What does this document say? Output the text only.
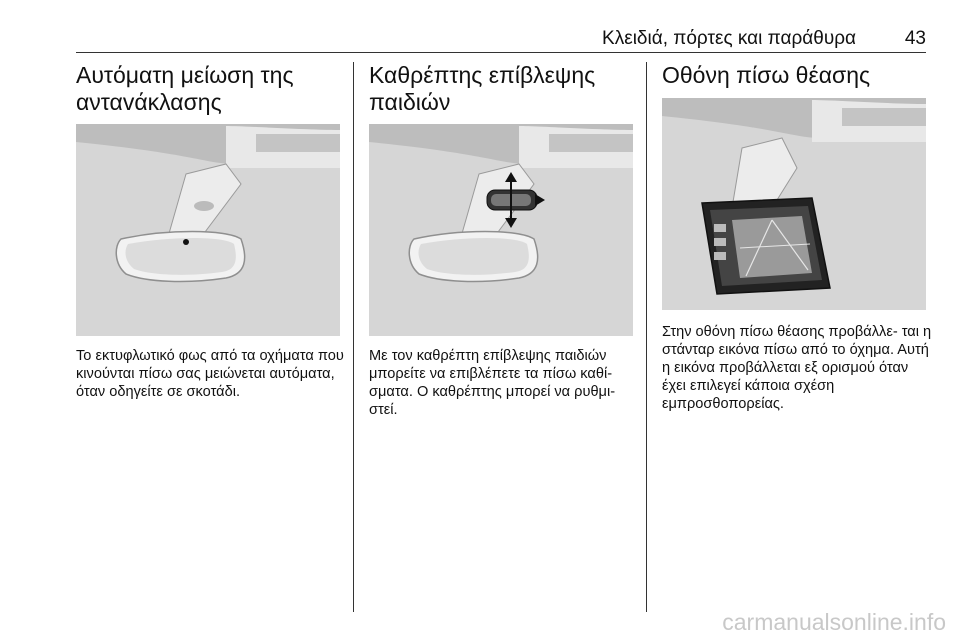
Κλειδιά, πόρτες και παράθυρα	43
Αυτόματη μείωση της ανταvάκλασης
Το εκτυφλωτικό φως από τα οχήματα που κινούνται πίσω σας μειώνεται αυτόματα, όταν οδηγείτε σε σκοτάδι.
Καθρέπτης επίβλεψης παιδιών
Με τον καθρέπτη επίβλεψης παιδιών μπορείτε να επιβλέπετε τα πίσω καθί- σματα. Ο καθρέπτης μπορεί να ρυθμι- στεί.
Οθόνη πίσω θέασης
Στην οθόνη πίσω θέασης προβάλλε- ται η στάνταρ εικόνα πίσω από το όχημα. Αυτή η εικόνα προβάλλεται εξ ορισμού όταν έχει επιλεγεί κάποια σχέση εμπροσθοπορείας.
carmanualsonline.info
